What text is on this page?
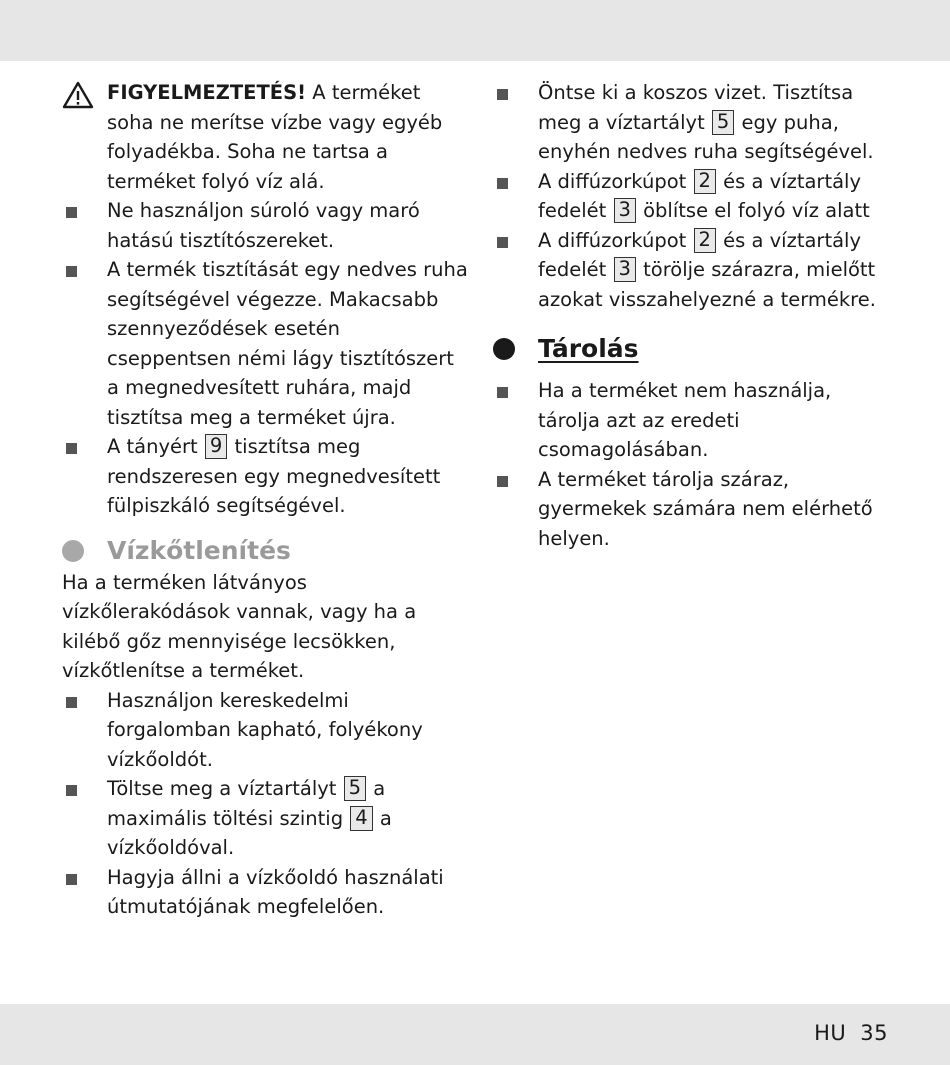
FIGYELMEZTETÉS! A terméket soha ne merítse vízbe vagy egyéb folyadékba. Soha ne tartsa a terméket folyó víz alá.
Ne használjon súroló vagy maró hatású tisztítószereket.
A termék tisztítását egy nedves ruha segítségével végezze. Makacsabb szennyeződések esetén cseppentsen némi lágy tisztítószert a megnedvesített ruhára, majd tisztítsa meg a terméket újra.
A tányért 9 tisztítsa meg rendszeresen egy megnedvesített fülpiszkáló segítségével.
Vízkőtlenítés

Ha a terméken látványos vízkőlerakódások vannak, vagy ha a kilébő gőz mennyisége lecsökken, vízkőtlenítse a terméket.

Használjon kereskedelmi forgalomban kapható, folyékony vízkőoldót.
Töltse meg a víztartályt 5 a maximális töltési szintig 4 a vízkőoldóval.
Hagyja állni a vízkőoldó használati útmutatójának megfelelően.
Öntse ki a koszos vizet. Tisztítsa meg a víztartályt 5 egy puha, enyhén nedves ruha segítségével.
A diffúzorkúpot 2 és a víztartály fedelét 3 öblítse el folyó víz alatt
A diffúzorkúpot 2 és a víztartály fedelét 3 törölje szárazra, mielőtt azokat visszahelyezné a termékre.
Tárolás
Ha a terméket nem használja, tárolja azt az eredeti csomagolásában.
A terméket tárolja száraz, gyermekek számára nem elérhető helyen.
HU 35
